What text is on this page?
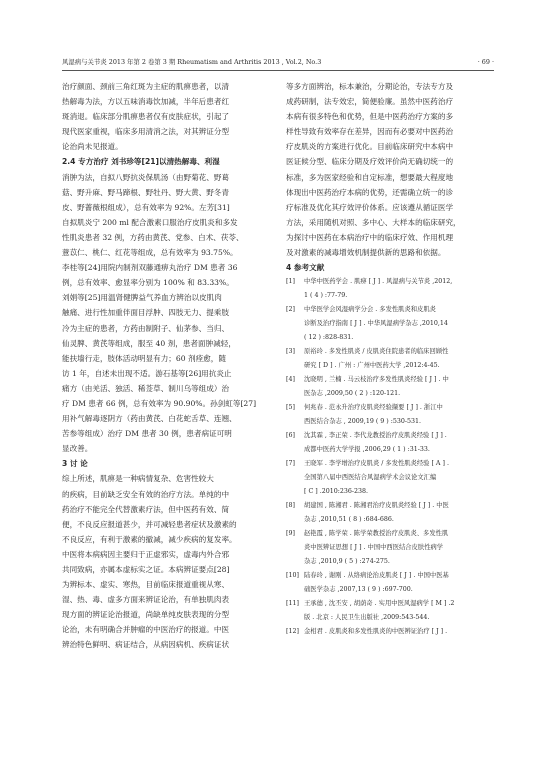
风湿病与关节炎 2013 年第 2 卷第 3 期 Rheumatism and Arthritis 2013 , Vol.2, No.3	· 69 ·
治疗颜面、颈前三角红斑为主症的肌痹患者，以清
热解毒为法，方以五味消毒饮加减，半年后患者红
斑消退。临床部分肌痹患者仅有皮肤症状，引起了
现代医家重视，临床多用清消之法，对其辨证分型
论治尚未见报道。
2.4 专方治疗 刘书珍等[21]以清热解毒、利湿
消肿为法，自拟八野抗炎保肌汤（由野菊花、野葛
菇、野升麻、野马蹄根、野牡丹、野大黄、野冬青
皮、野蔷薇根组成），总有效率为 92%。左芳[31]
自拟肌炎宁 200 ml 配合激素口服治疗皮肌炎和多发
性肌炎患者 32 例，方药由黄芪、党参、白术、茯苓、
薏苡仁、桃仁、红花等组成，总有效率为 93.75%。
李桂等[24]用院内制剂双藤通痹丸治疗 DM 患者 36
例，总有效率、愈显率分别为 100% 和 83.33%。
刘娟等[25]用温肾健脾益气养血方辨治以皮肌肉
触痛、进行性加重伴面目浮肿、四肢无力、提乘肢
冷为主症的患者，方药由制附子、仙茅参、当归、
仙灵脾、黄芪等组成，服至 40 剂，患者面肿减轻，
能扶墙行走，肢体活动明显有力；60 剂痊愈，随
访 1 年，自述未出现不适。游石基等[26]用抗炎止
痛方（由羌活、独活、稀莶草、制川乌等组成）治
疗 DM 患者 66 例，总有效率为 90.90%。孙剑虹等[27]
用补气解毒逐阴方（药由黄芪、白花蛇舌草、连翘、
苦参等组成）治疗 DM 患者 30 例，患者病证可明
显改善。
3 讨 论
综上所述，肌痹是一种病情复杂、危害性较大
的疾病，目前缺乏安全有效的治疗方法。单纯的中
药治疗不能完全代替激素疗法，但中医药有效、简
便，不良反应报道甚少，并可减轻患者症状及激素的
不良反应，有利于激素的撤减，减少疾病的复发率。
中医将本病病因主要归于正虚邪实，虚毒内外合邪
共同致病，亦属本虚标实之证。本病辨证要点[28]
为辨标本、虚实、寒热，目前临床报道重视从寒、
湿、热、毒、虚多方面来辨证论治，有单独肌肉表
现方面的辨证论治报道，尚缺单纯皮肤表现的分型
论治，未有明确合并肿瘤的中医治疗的报道。中医
辨治特色鲜明、病证结合，从病因病机、疾病证状
等多方面辨治，标本兼治，分期论治，专法专方及
成药研制，法专效宏，简便验廉。虽然中医药治疗
本病有很多特色和优势，但是中医药治疗方案的多
样性导致有效率存在差异，因而有必要对中医药治
疗皮肌炎的方案进行优化。目前临床研究中本病中
医证候分型、临床分期及疗效评价尚无确切统一的
标准，多为医家经验和自定标准，想要最大程度地
体现出中医药治疗本病的优势，还需确立统一的诊
疗标准及优化其疗效评价体系。应该遵从循证医学
方法，采用随机对照、多中心、大样本的临床研究，
为探讨中医药在本病治疗中的临床疗效、作用机理
及对激素的减毒增效机制提供新的思路和依据。
4 参考文献
[1] 中华中医药学会 . 肌痹 [ J ] . 风湿病与关节炎 ,2012,
1 ( 4 ) :77-79.
[2] 中华医学会风湿病学分会 . 多发性肌炎和皮肌炎
诊断及治疗指南 [ J ] . 中华风湿病学杂志 ,2010,14
( 12 ) :828-831.
[3] 原裕玲 . 多发性肌炎 / 皮肌炎住院患者的临床回顾性
研究 [ D ] . 广州 : 广州中医药大学 ,2012:4-45.
[4] 沈晓明 , 兰楠 . 马云枝治疗多发性肌炎经验 [ J ] . 中
医杂志 ,2009,50 ( 2 ) :120-121.
[5] 何兆春 . 范永升治疗皮肌炎经验撷要 [ J ] . 浙江中
西医结合杂志 , 2009,19 ( 9 ) :530-531.
[6] 沈其霖 , 李正荣 . 李代龙教授治疗皮肌炎经验 [ J ] .
成都中医药大学学报 ,2006,29 ( 1 ) :31-33.
[7] 王晓军 . 李学增治疗皮肌炎 / 多发性肌炎经验 [ A ] .
全国第八届中西医结合风湿病学术会议论文汇编
[ C ] .2010:236-238.
[8] 胡建国 , 陈湘君 . 陈湘君治疗皮肌炎经验 [ J ] . 中医
杂志 ,2010,51 ( 8 ) :684-686.
[9] 赵艳霞 , 陈学荣 . 陈学荣教授治疗皮肌炎、多发性肌
炎中医辨证思想 [ J ] . 中国中西医结合皮肤性病学
杂志 ,2010,9 ( 5 ) :274-275.
[10] 陆春玲 , 谢刚 . 从络病论治皮肌炎 [ J ] . 中国中医基
础医学杂志 ,2007,13 ( 9 ) :697-700.
[11] 王承德 , 沈丕安 , 胡荫奇 . 实用中医风湿病学 [ M ] .2
版 . 北京 : 人民卫生出版社 ,2009:543-544.
[12] 金相君 . 皮肌炎和多发性肌炎的中医辨证治疗 [ J ] .
